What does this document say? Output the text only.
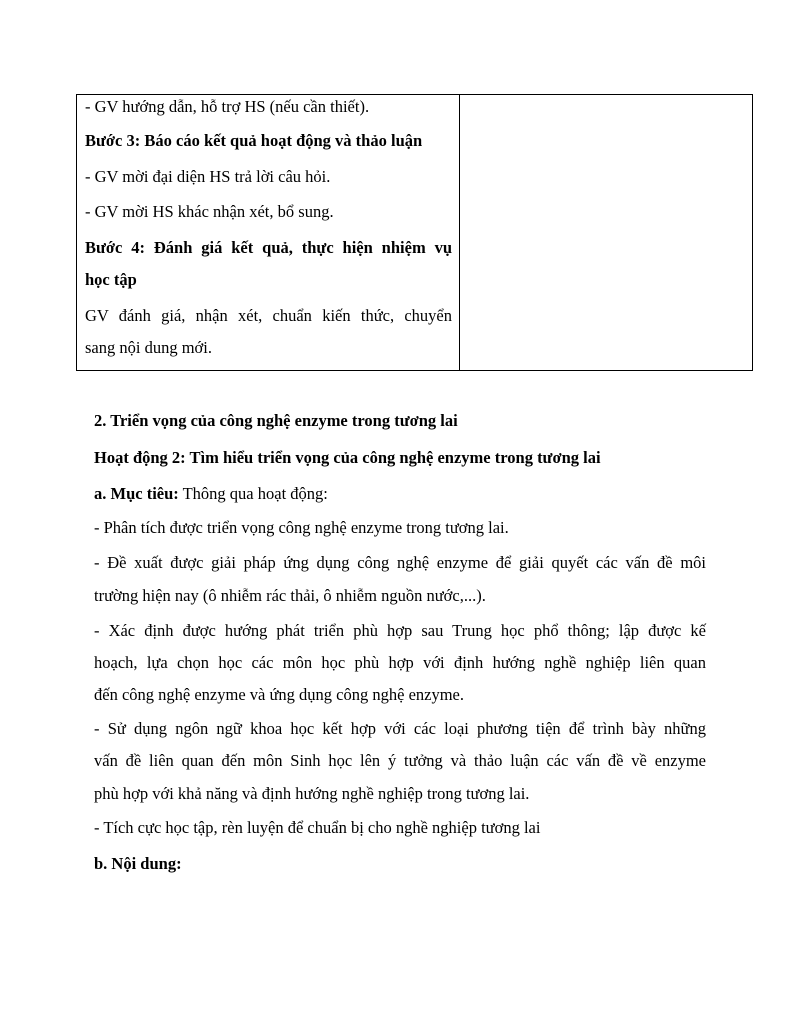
- GV hướng dẫn, hỗ trợ HS (nếu cần thiết).
Bước 3: Báo cáo kết quả hoạt động và thảo luận
- GV mời đại diện HS trả lời câu hỏi.
- GV mời HS khác nhận xét, bổ sung.
Bước 4: Đánh giá kết quả, thực hiện nhiệm vụ
học tập
GV đánh giá, nhận xét, chuẩn kiến thức, chuyển
sang nội dung mới.
2. Triển vọng của công nghệ enzyme trong tương lai
Hoạt động 2: Tìm hiểu triển vọng của công nghệ enzyme trong tương lai
a. Mục tiêu: Thông qua hoạt động:
- Phân tích được triển vọng công nghệ enzyme trong tương lai.
- Đề xuất được giải pháp ứng dụng công nghệ enzyme để giải quyết các vấn đề môi
trường hiện nay (ô nhiễm rác thải, ô nhiễm nguồn nước,...).
- Xác định được hướng phát triển phù hợp sau Trung học phổ thông; lập được kế
hoạch, lựa chọn học các môn học phù hợp với định hướng nghề nghiệp liên quan
đến công nghệ enzyme và ứng dụng công nghệ enzyme.
- Sử dụng ngôn ngữ khoa học kết hợp với các loại phương tiện để trình bày những
vấn đề liên quan đến môn Sinh học lên ý tưởng và thảo luận các vấn đề về enzyme
phù hợp với khả năng và định hướng nghề nghiệp trong tương lai.
- Tích cực học tập, rèn luyện để chuẩn bị cho nghề nghiệp tương lai
b. Nội dung:
